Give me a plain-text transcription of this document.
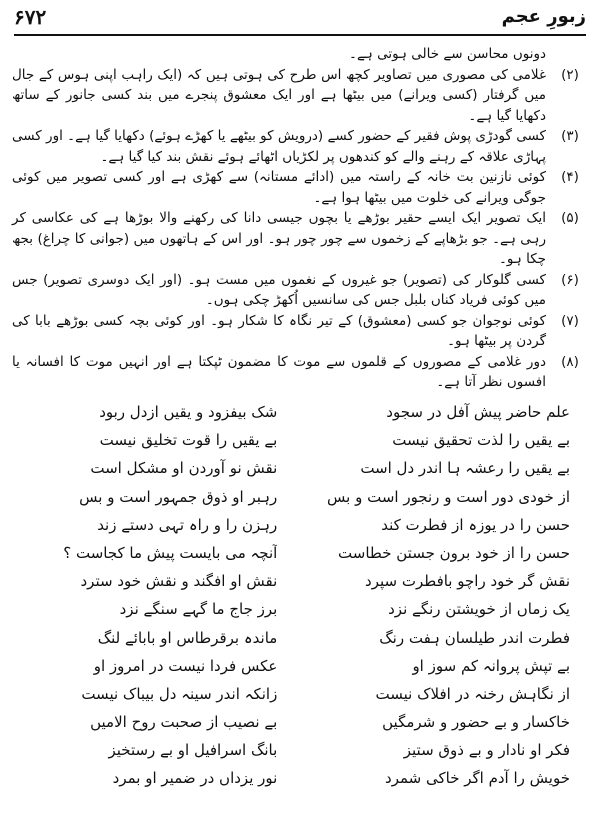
۶۷۲	زبورِ عجم

دونوں محاسن سے خالی ہوتی ہے۔

(۲)
غلامی کی مصوری میں تصاویر کچھ اس طرح کی ہوتی ہیں کہ (ایک راہب اپنی ہوس کے جال میں گرفتار (کسی ویرانے) میں بیٹھا ہے اور ایک معشوق پنجرے میں بند کسی جانور کے ساتھ دکھایا گیا ہے۔

(۳)
کسی گودڑی پوش فقیر کے حضور کسے (درویش کو بیٹھے یا کھڑے ہوئے) دکھایا گیا ہے۔ اور کسی پہاڑی علاقہ کے رہنے والے کو کندھوں پر لکڑیاں اٹھائے ہوئے نقش بند کیا گیا ہے۔

(۴)
کوئی نازنین بت خانہ کے راستہ میں (ادائے مستانہ) سے کھڑی ہے اور کسی تصویر میں کوئی جوگی ویرانے کی خلوت میں بیٹھا ہوا ہے۔

(۵)
ایک تصویر ایک ایسے حقیر بوڑھے یا بچوں جیسی دانا کی رکھنے والا بوڑھا ہے کی عکاسی کر رہی ہے۔ جو بڑھاپے کے زخموں سے چور چور ہو۔ اور اس کے ہاتھوں میں (جوانی کا چراغ) بجھ چکا ہو۔

(۶)
کسی گلوکار کی (تصویر) جو غیروں کے نغموں میں مست ہو۔ (اور ایک دوسری تصویر) جس میں کوئی فریاد کناں بلبل جس کی سانسیں اُکھڑ چکی ہوں۔

(۷)
کوئی نوجوان جو کسی (معشوق) کے تیر نگاہ کا شکار ہو۔ اور کوئی بچہ کسی بوڑھے بابا کی گردن پر بیٹھا ہو۔

(۸)
دور غلامی کے مصوروں کے قلموں سے موت کا مضمون ٹپکتا ہے اور انہیں موت کا افسانہ یا افسوں نظر آتا ہے۔

علم حاضر پیش آفل در سجود
بے یقیں را لذت تحقیق نیست
بے یقیں را رعشہ ہا اندر دل است
از خودی دور است و رنجور است و بس
حسن را در یوزہ از فطرت کند
حسن را از خود برون جستن خطاست
نقش گر خود راچو بافطرت سپرد
یک زماں از خویشتن رنگے نزد
فطرت اندر طیلسان ہفت رنگ
بے تپش پروانہ کم سوز او
از نگاہش رخنہ در افلاک نیست
خاکسار و بے حضور و شرمگیں
فکر او نادار و بے ذوق ستیز
خویش را آدم اگر خاکی شمرد
شک بیفزود و یقیں ازدل ربود
بے یقیں را قوت تخلیق نیست
نقش نو آوردن او مشکل است
رہبر او ذوق جمہور است و بس
رہزن را و راہ تہی دستے زند
آنچہ می بایست پیش ما کجاست ؟
نقش او افگند و نقش خود سترد
برز جاج ما گہے سنگے نزد
ماندہ برقرطاس او بابائے لنگ
عکس فردا نیست در امروز او
زانکہ اندر سینہ دل بیباک نیست
بے نصیب از صحبت روح الامیں
بانگ اسرافیل او بے رستخیز
نور یزداں در ضمیر او بمرد
